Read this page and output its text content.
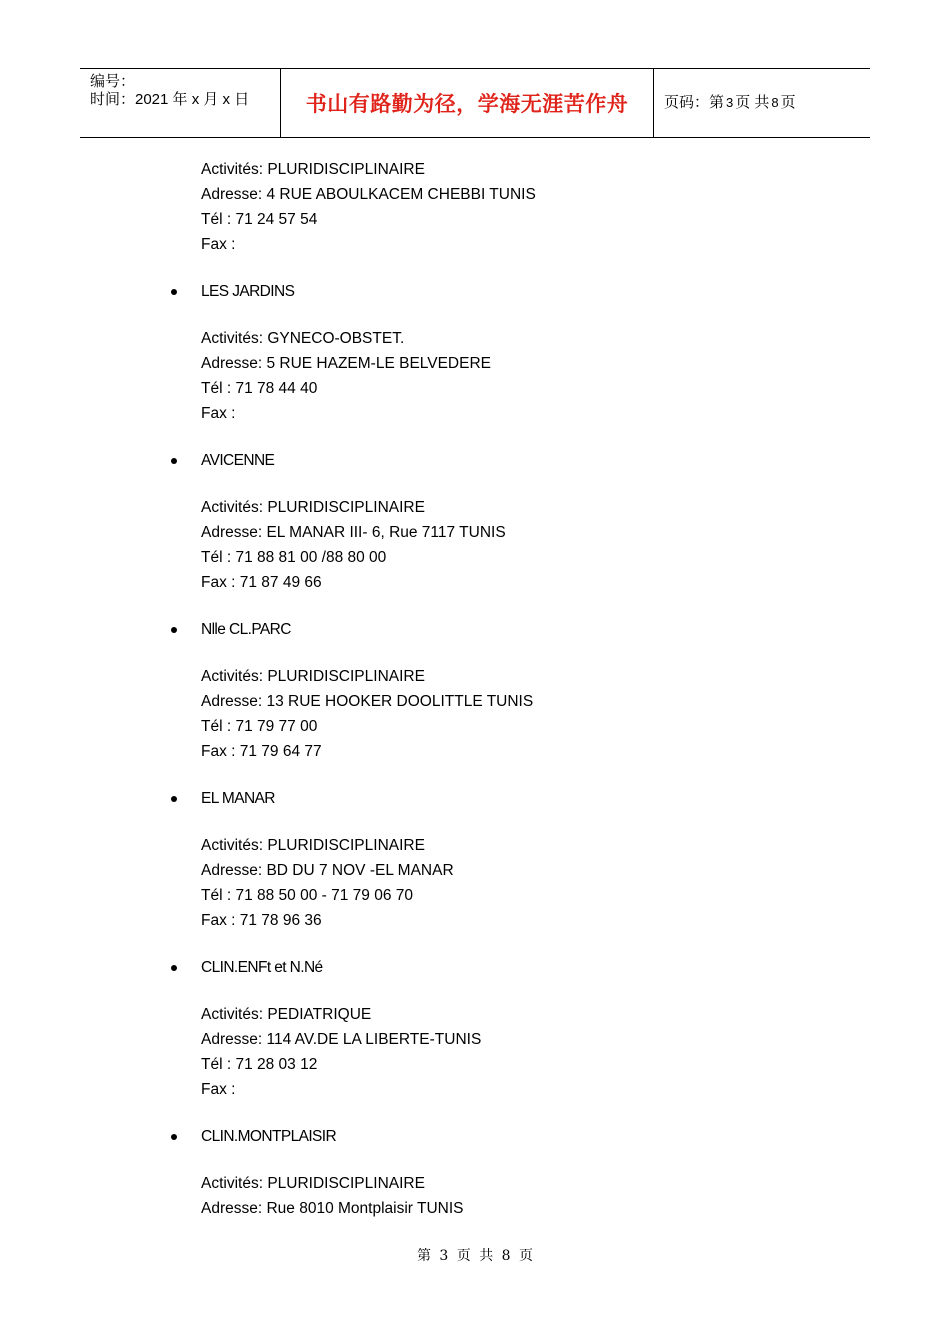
编号：
时间：2021 年 x 月 x 日	书山有路勤为径，学海无涯苦作舟	页码：第 3 页 共 8 页
Activités: PLURIDISCIPLINAIRE
Adresse: 4 RUE ABOULKACEM CHEBBI TUNIS
Tél : 71 24 57 54
Fax :
LES JARDINS
Activités: GYNECO-OBSTET.
Adresse: 5 RUE HAZEM-LE BELVEDERE
Tél : 71 78 44 40
Fax :
AVICENNE
Activités: PLURIDISCIPLINAIRE
Adresse: EL MANAR III- 6, Rue 7117 TUNIS
Tél : 71 88 81 00 /88 80 00
Fax : 71 87 49 66
Nlle CL.PARC
Activités: PLURIDISCIPLINAIRE
Adresse: 13 RUE HOOKER DOOLITTLE TUNIS
Tél : 71 79 77 00
Fax : 71 79 64 77
EL MANAR
Activités: PLURIDISCIPLINAIRE
Adresse: BD DU 7 NOV -EL MANAR
Tél : 71 88 50 00 - 71 79 06 70
Fax : 71 78 96 36
CLIN.ENFt et N.Né
Activités: PEDIATRIQUE
Adresse: 114 AV.DE LA LIBERTE-TUNIS
Tél : 71 28 03 12
Fax :
CLIN.MONTPLAISIR
Activités: PLURIDISCIPLINAIRE
Adresse: Rue 8010 Montplaisir TUNIS
第 3 页 共 8 页
